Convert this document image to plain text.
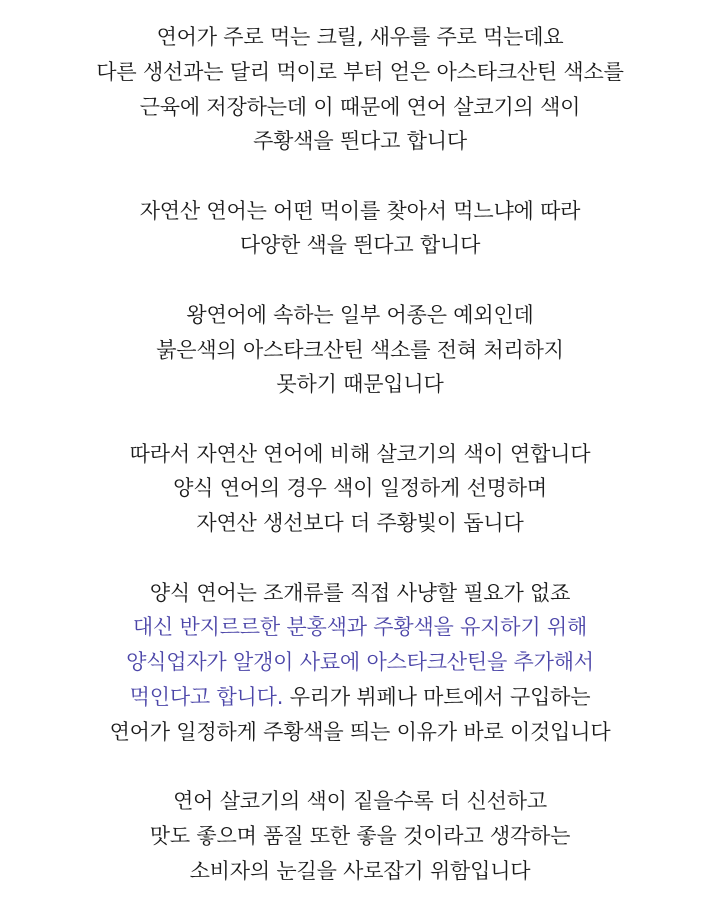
연어가 주로 먹는 크릴, 새우를 주로 먹는데요
다른 생선과는 달리 먹이로 부터 얻은 아스타크산틴 색소를
근육에 저장하는데 이 때문에 연어 살코기의 색이
주황색을 띈다고 합니다
자연산 연어는 어떤 먹이를 찾아서 먹느냐에 따라
다양한 색을 띈다고 합니다
왕연어에 속하는 일부 어종은 예외인데
붉은색의 아스타크산틴 색소를 전혀 처리하지
못하기 때문입니다
따라서 자연산 연어에 비해 살코기의 색이 연합니다
양식 연어의 경우 색이 일정하게 선명하며
자연산 생선보다 더 주황빛이 돕니다
양식 연어는 조개류를 직접 사냥할 필요가 없죠
대신 반지르르한 분홍색과 주황색을 유지하기 위해
양식업자가 알갱이 사료에 아스타크산틴을 추가해서
먹인다고 합니다. 우리가 뷔페나 마트에서 구입하는
연어가 일정하게 주황색을 띄는 이유가 바로 이것입니다
연어 살코기의 색이 짙을수록 더 신선하고
맛도 좋으며 품질 또한 좋을 것이라고 생각하는
소비자의 눈길을 사로잡기 위함입니다
